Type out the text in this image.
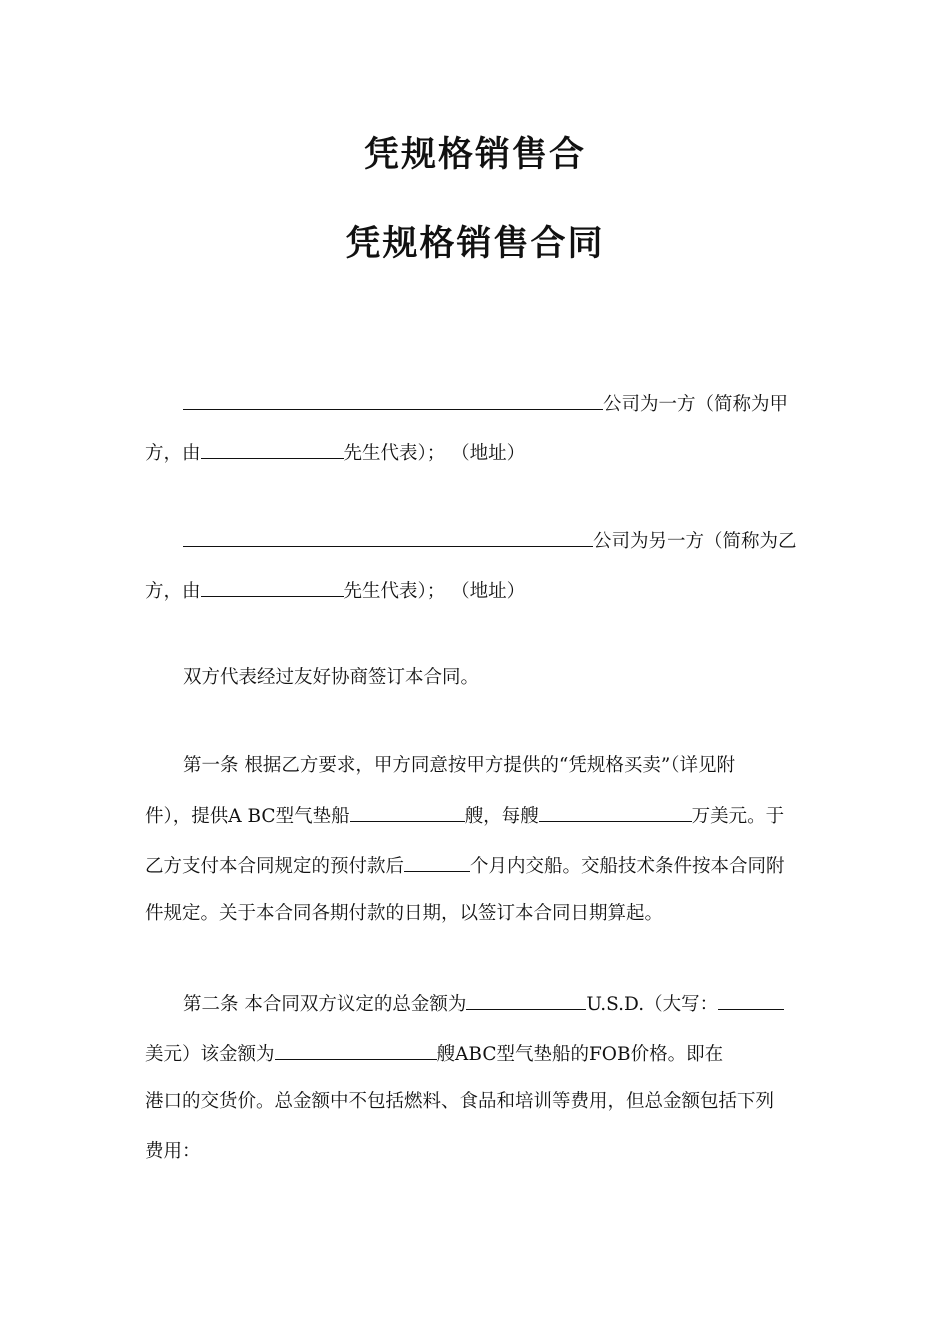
凭规格销售合
凭规格销售合同
公司为一方（简称为甲
方，由	先生代表）； （地址）
公司为另一方（简称为乙
方，由	先生代表）； （地址）
双方代表经过友好协商签订本合同。
第一条 根据乙方要求，甲方同意按甲方提供的“凭规格买卖”（详见附
件），提供A BC型气垫船	艘，每艘	万美元。于
乙方支付本合同规定的预付款后	个月内交船。交船技术条件按本合同附
件规定。关于本合同各期付款的日期，以签订本合同日期算起。
第二条 本合同双方议定的总金额为	U.S.D.（大写：
美元）该金额为	艘ABC型气垫船的FOB价格。即在
港口的交货价。总金额中不包括燃料、食品和培训等费用，但总金额包括下列
费用：
